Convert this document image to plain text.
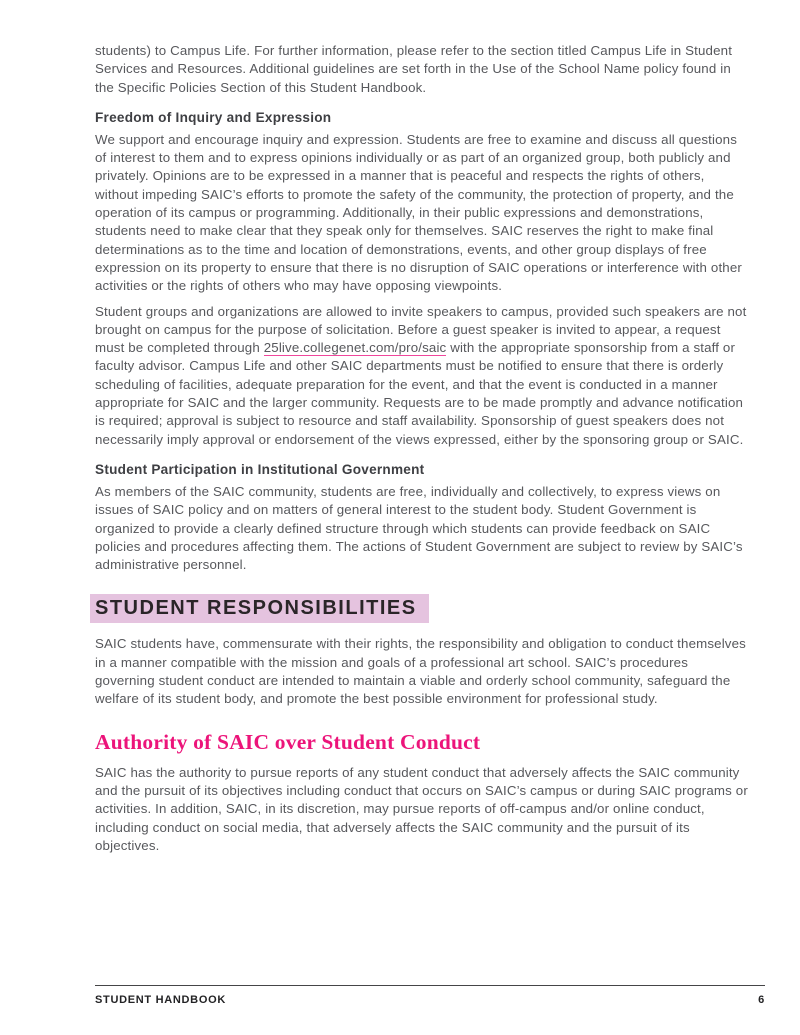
students) to Campus Life. For further information, please refer to the section titled Campus Life in Student Services and Resources. Additional guidelines are set forth in the Use of the School Name policy found in the Specific Policies Section of this Student Handbook.

Freedom of Inquiry and Expression

We support and encourage inquiry and expression. Students are free to examine and discuss all questions of interest to them and to express opinions individually or as part of an organized group, both publicly and privately. Opinions are to be expressed in a manner that is peaceful and respects the rights of others, without impeding SAIC’s efforts to promote the safety of the community, the protection of property, and the operation of its campus or programming. Additionally, in their public expressions and demonstrations, students need to make clear that they speak only for themselves. SAIC reserves the right to make final determinations as to the time and location of demonstrations, events, and other group displays of free expression on its property to ensure that there is no disruption of SAIC operations or interference with other activities or the rights of others who may have opposing viewpoints.

Student groups and organizations are allowed to invite speakers to campus, provided such speakers are not brought on campus for the purpose of solicitation. Before a guest speaker is invited to appear, a request must be completed through 25live.collegenet.com/pro/saic with the appropriate sponsorship from a staff or faculty advisor. Campus Life and other SAIC departments must be notified to ensure that there is orderly scheduling of facilities, adequate preparation for the event, and that the event is conducted in a manner appropriate for SAIC and the larger community. Requests are to be made promptly and advance notification is required; approval is subject to resource and staff availability. Sponsorship of guest speakers does not necessarily imply approval or endorsement of the views expressed, either by the sponsoring group or SAIC.

Student Participation in Institutional Government

As members of the SAIC community, students are free, individually and collectively, to express views on issues of SAIC policy and on matters of general interest to the student body. Student Government is organized to provide a clearly defined structure through which students can provide feedback on SAIC policies and procedures affecting them. The actions of Student Government are subject to review by SAIC’s administrative personnel.

STUDENT RESPONSIBILITIES

SAIC students have, commensurate with their rights, the responsibility and obligation to conduct themselves in a manner compatible with the mission and goals of a professional art school. SAIC’s procedures governing student conduct are intended to maintain a viable and orderly school community, safeguard the welfare of its student body, and promote the best possible environment for professional study.

Authority of SAIC over Student Conduct

SAIC has the authority to pursue reports of any student conduct that adversely affects the SAIC community and the pursuit of its objectives including conduct that occurs on SAIC’s campus or during SAIC programs or activities. In addition, SAIC, in its discretion, may pursue reports of off-campus and/or online conduct, including conduct on social media, that adversely affects the SAIC community and the pursuit of its objectives.

STUDENT HANDBOOK	6
